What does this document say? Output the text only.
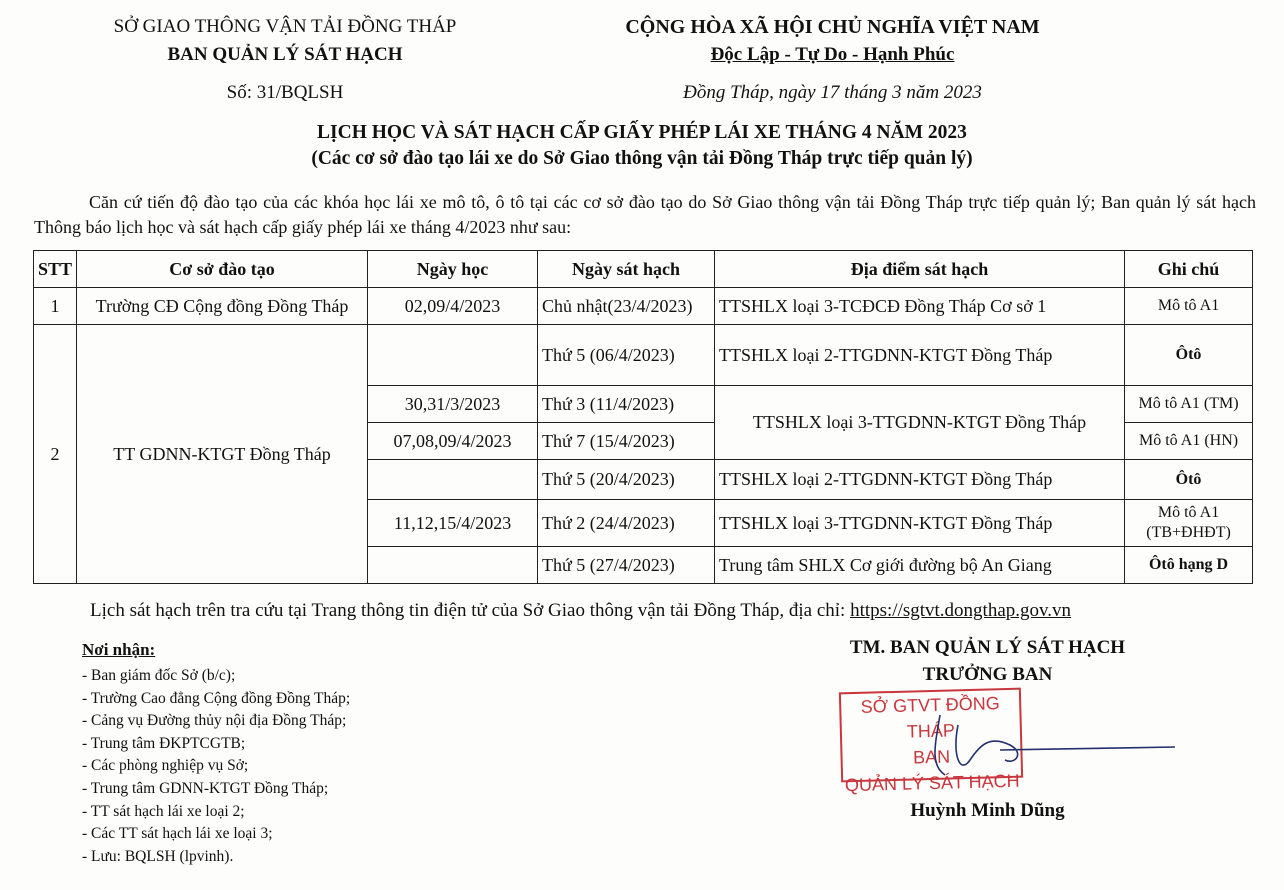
SỞ GIAO THÔNG VẬN TẢI ĐỒNG THÁP
BAN QUẢN LÝ SÁT HẠCH
Số: 31/BQLSH
CỘNG HÒA XÃ HỘI CHỦ NGHĨA VIỆT NAM
Độc Lập - Tự Do - Hạnh Phúc
Đồng Tháp, ngày 17 tháng 3 năm 2023
LỊCH HỌC VÀ SÁT HẠCH CẤP GIẤY PHÉP LÁI XE THÁNG 4 NĂM 2023
(Các cơ sở đào tạo lái xe do Sở Giao thông vận tải Đồng Tháp trực tiếp quản lý)
Căn cứ tiến độ đào tạo của các khóa học lái xe mô tô, ô tô tại các cơ sở đào tạo do Sở Giao thông vận tải Đồng Tháp trực tiếp quản lý; Ban quản lý sát hạch Thông báo lịch học và sát hạch cấp giấy phép lái xe tháng 4/2023 như sau:
STT	Cơ sở đào tạo	Ngày học	Ngày sát hạch	Địa điểm sát hạch	Ghi chú
1	Trường CĐ Cộng đồng Đồng Tháp	02,09/4/2023	Chủ nhật(23/4/2023)	TTSHLX loại 3-TCĐCĐ Đồng Tháp Cơ sở 1	Mô tô A1
2	TT GDNN-KTGT Đồng Tháp		Thứ 5 (06/4/2023)	TTSHLX loại 2-TTGDNN-KTGT Đồng Tháp	Ôtô
		30,31/3/2023	Thứ 3 (11/4/2023)	TTSHLX loại 3-TTGDNN-KTGT Đồng Tháp	Mô tô A1 (TM)
		07,08,09/4/2023	Thứ 7 (15/4/2023)		Mô tô A1 (HN)
			Thứ 5 (20/4/2023)	TTSHLX loại 2-TTGDNN-KTGT Đồng Tháp	Ôtô
		11,12,15/4/2023	Thứ 2 (24/4/2023)	TTSHLX loại 3-TTGDNN-KTGT Đồng Tháp	Mô tô A1
(TB+ĐHĐT)

			Thứ 5 (27/4/2023)	Trung tâm SHLX Cơ giới đường bộ An Giang	Ôtô hạng D
Lịch sát hạch trên tra cứu tại Trang thông tin điện tử của Sở Giao thông vận tải Đồng Tháp, địa chỉ: https://sgtvt.dongthap.gov.vn
Nơi nhận:
- Ban giám đốc Sở (b/c);
- Trường Cao đẳng Cộng đồng Đồng Tháp;
- Cảng vụ Đường thủy nội địa Đồng Tháp;
- Trung tâm ĐKPTCGTB;
- Các phòng nghiệp vụ Sở;
- Trung tâm GDNN-KTGT Đồng Tháp;
- TT sát hạch lái xe loại 2;
- Các TT sát hạch lái xe loại 3;
- Lưu: BQLSH (lpvinh).
TM. BAN QUẢN LÝ SÁT HẠCH
TRƯỞNG BAN
SỞ GTVT ĐỒNG THÁP
BAN
QUẢN LÝ SÁT HẠCH
Huỳnh Minh Dũng
